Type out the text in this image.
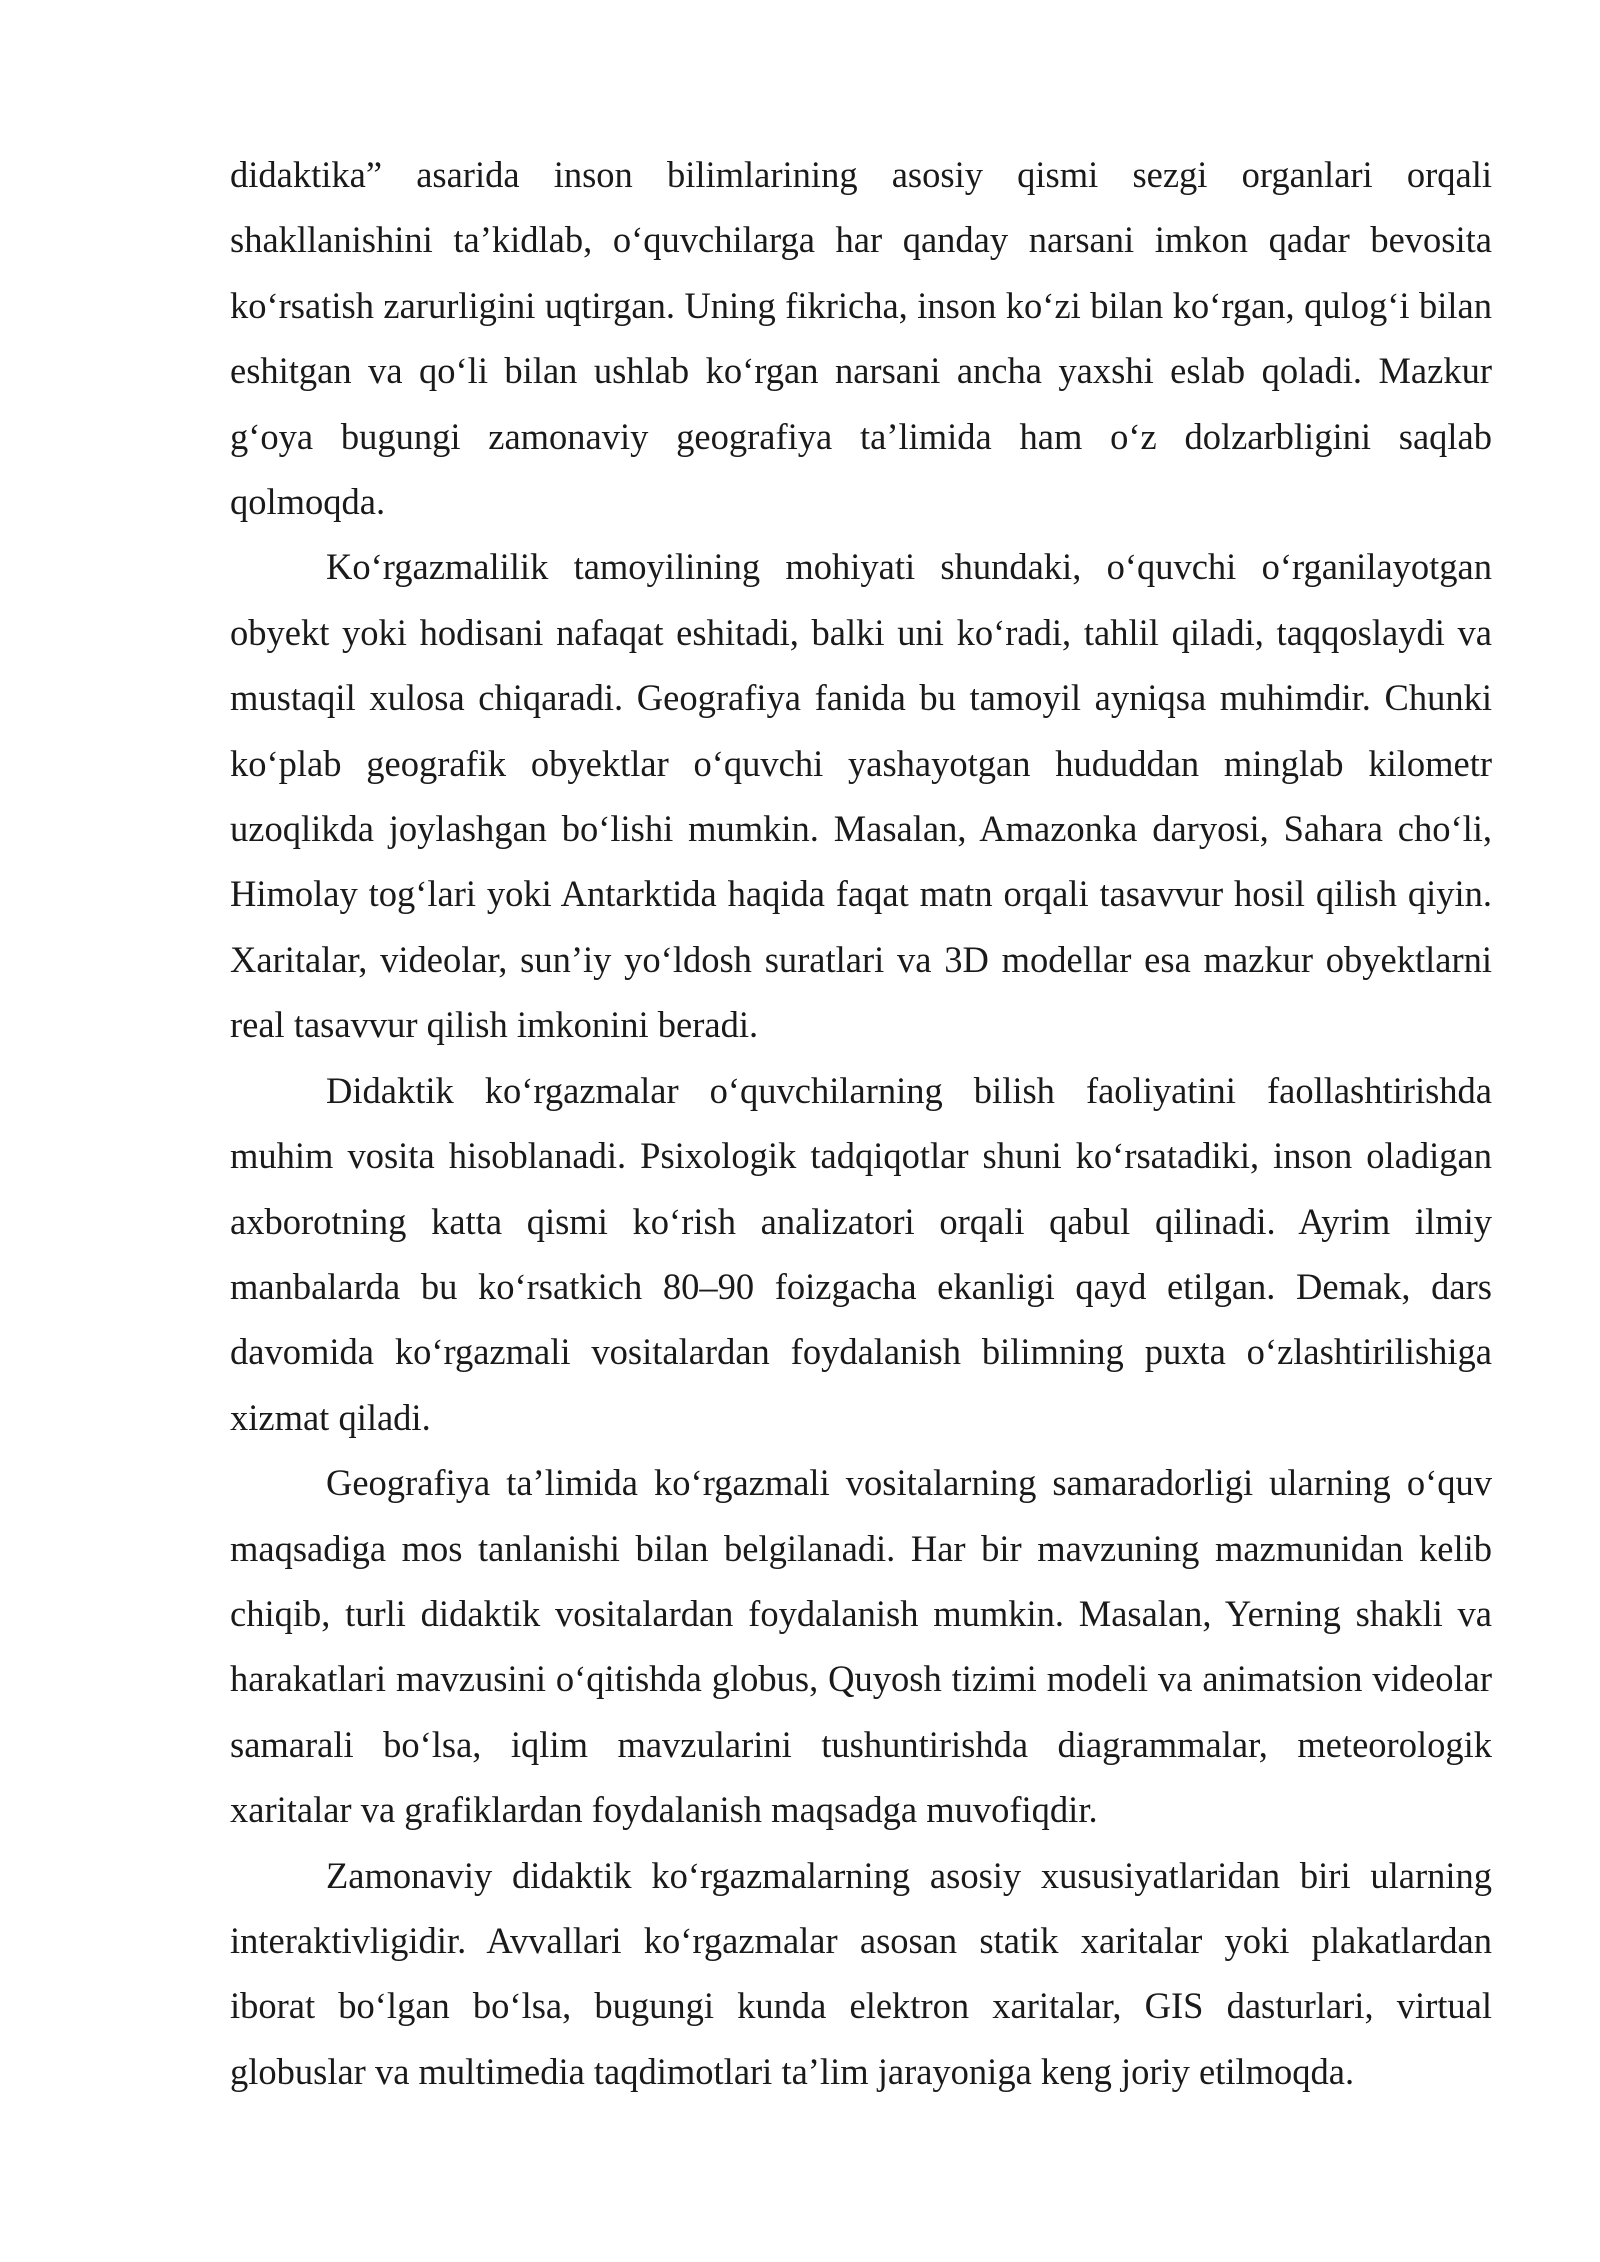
didaktika” asarida inson bilimlarining asosiy qismi sezgi organlari orqali shakllanishini ta’kidlab, o‘quvchilarga har qanday narsani imkon qadar bevosita ko‘rsatish zarurligini uqtirgan. Uning fikricha, inson ko‘zi bilan ko‘rgan, qulog‘i bilan eshitgan va qo‘li bilan ushlab ko‘rgan narsani ancha yaxshi eslab qoladi. Mazkur g‘oya bugungi zamonaviy geografiya ta’limida ham o‘z dolzarbligini saqlab qolmoqda.

Ko‘rgazmalilik tamoyilining mohiyati shundaki, o‘quvchi o‘rganilayotgan obyekt yoki hodisani nafaqat eshitadi, balki uni ko‘radi, tahlil qiladi, taqqoslaydi va mustaqil xulosa chiqaradi. Geografiya fanida bu tamoyil ayniqsa muhimdir. Chunki ko‘plab geografik obyektlar o‘quvchi yashayotgan hududdan minglab kilometr uzoqlikda joylashgan bo‘lishi mumkin. Masalan, Amazonka daryosi, Sahara cho‘li, Himolay tog‘lari yoki Antarktida haqida faqat matn orqali tasavvur hosil qilish qiyin. Xaritalar, videolar, sun’iy yo‘ldosh suratlari va 3D modellar esa mazkur obyektlarni real tasavvur qilish imkonini beradi.

Didaktik ko‘rgazmalar o‘quvchilarning bilish faoliyatini faollashtirishda muhim vosita hisoblanadi. Psixologik tadqiqotlar shuni ko‘rsatadiki, inson oladigan axborotning katta qismi ko‘rish analizatori orqali qabul qilinadi. Ayrim ilmiy manbalarda bu ko‘rsatkich 80–90 foizgacha ekanligi qayd etilgan. Demak, dars davomida ko‘rgazmali vositalardan foydalanish bilimning puxta o‘zlashtirilishiga xizmat qiladi.

Geografiya ta’limida ko‘rgazmali vositalarning samaradorligi ularning o‘quv maqsadiga mos tanlanishi bilan belgilanadi. Har bir mavzuning mazmunidan kelib chiqib, turli didaktik vositalardan foydalanish mumkin. Masalan, Yerning shakli va harakatlari mavzusini o‘qitishda globus, Quyosh tizimi modeli va animatsion videolar samarali bo‘lsa, iqlim mavzularini tushuntirishda diagrammalar, meteorologik xaritalar va grafiklardan foydalanish maqsadga muvofiqdir.

Zamonaviy didaktik ko‘rgazmalarning asosiy xususiyatlaridan biri ularning interaktivligidir. Avvallari ko‘rgazmalar asosan statik xaritalar yoki plakatlardan iborat bo‘lgan bo‘lsa, bugungi kunda elektron xaritalar, GIS dasturlari, virtual globuslar va multimedia taqdimotlari ta’lim jarayoniga keng joriy etilmoqda.
